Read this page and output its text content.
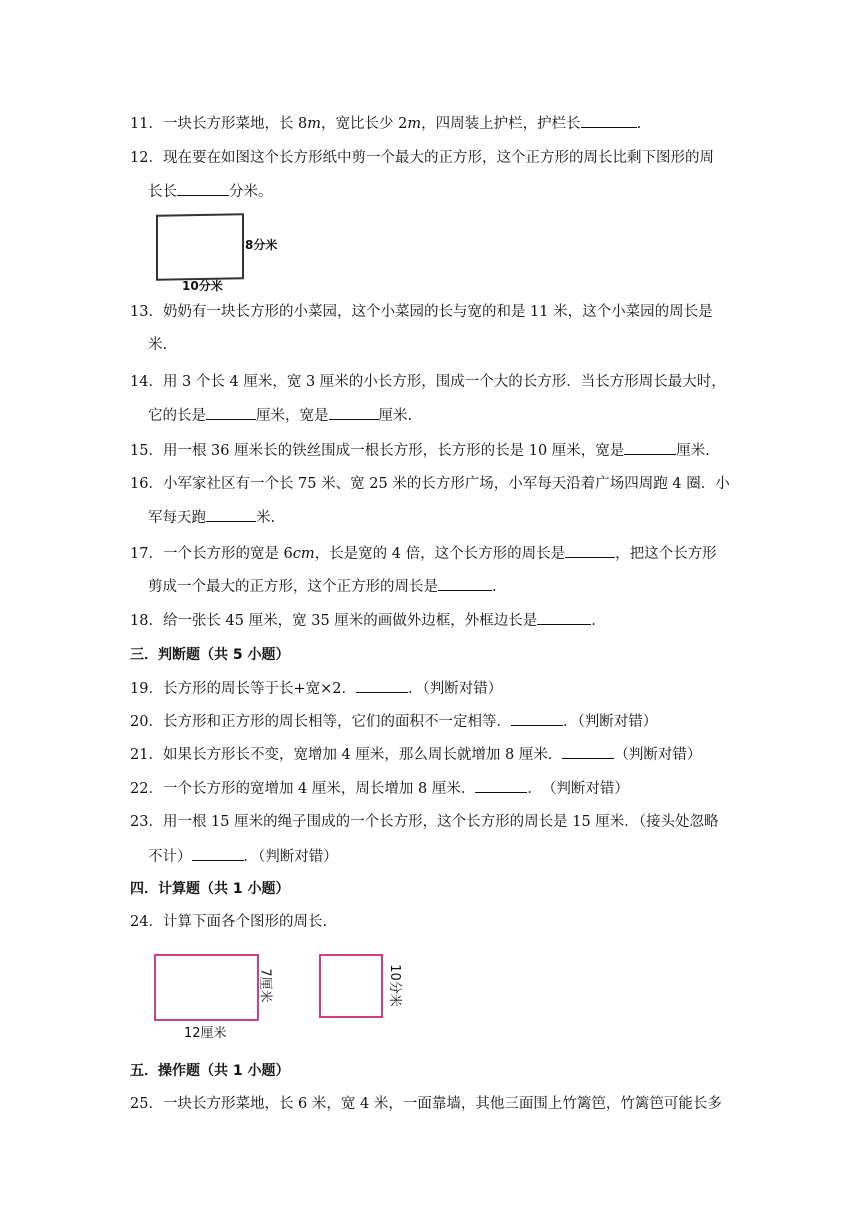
11．一块长方形菜地，长 8m，宽比长少 2m，四周装上护栏，护栏长	.
12．现在要在如图这个长方形纸中剪一个最大的正方形，这个正方形的周长比剩下图形的周
长长	分米。
8分米
10分米
13．奶奶有一块长方形的小菜园，这个小菜园的长与宽的和是 11 米，这个小菜园的周长是
米.
14．用 3 个长 4 厘米，宽 3 厘米的小长方形，围成一个大的长方形．当长方形周长最大时，
它的长是	厘米，宽是	厘米.
15．用一根 36 厘米长的铁丝围成一根长方形，长方形的长是 10 厘米，宽是	厘米.
16．小军家社区有一个长 75 米、宽 25 米的长方形广场，小军每天沿着广场四周跑 4 圈．小
军每天跑	米.
17．一个长方形的宽是 6cm，长是宽的 4 倍，这个长方形的周长是	，把这个长方形
剪成一个最大的正方形，这个正方形的周长是	.
18．给一张长 45 厘米，宽 35 厘米的画做外边框，外框边长是	.
三．判断题（共 5 小题）
19．长方形的周长等于长+宽×2．	．（判断对错）
20．长方形和正方形的周长相等，它们的面积不一定相等．	．（判断对错）
21．如果长方形长不变，宽增加 4 厘米，那么周长就增加 8 厘米．	（判断对错）
22．一个长方形的宽增加 4 厘米，周长增加 8 厘米．	．　（判断对错）
23．用一根 15 厘米的绳子围成的一个长方形，这个长方形的周长是 15 厘米．（接头处忽略
不计）	．（判断对错）
四．计算题（共 1 小题）
24．计算下面各个图形的周长.
7厘米
12厘米
10分米
五．操作题（共 1 小题）
25．一块长方形菜地，长 6 米，宽 4 米，一面靠墙，其他三面围上竹篱笆，竹篱笆可能长多
